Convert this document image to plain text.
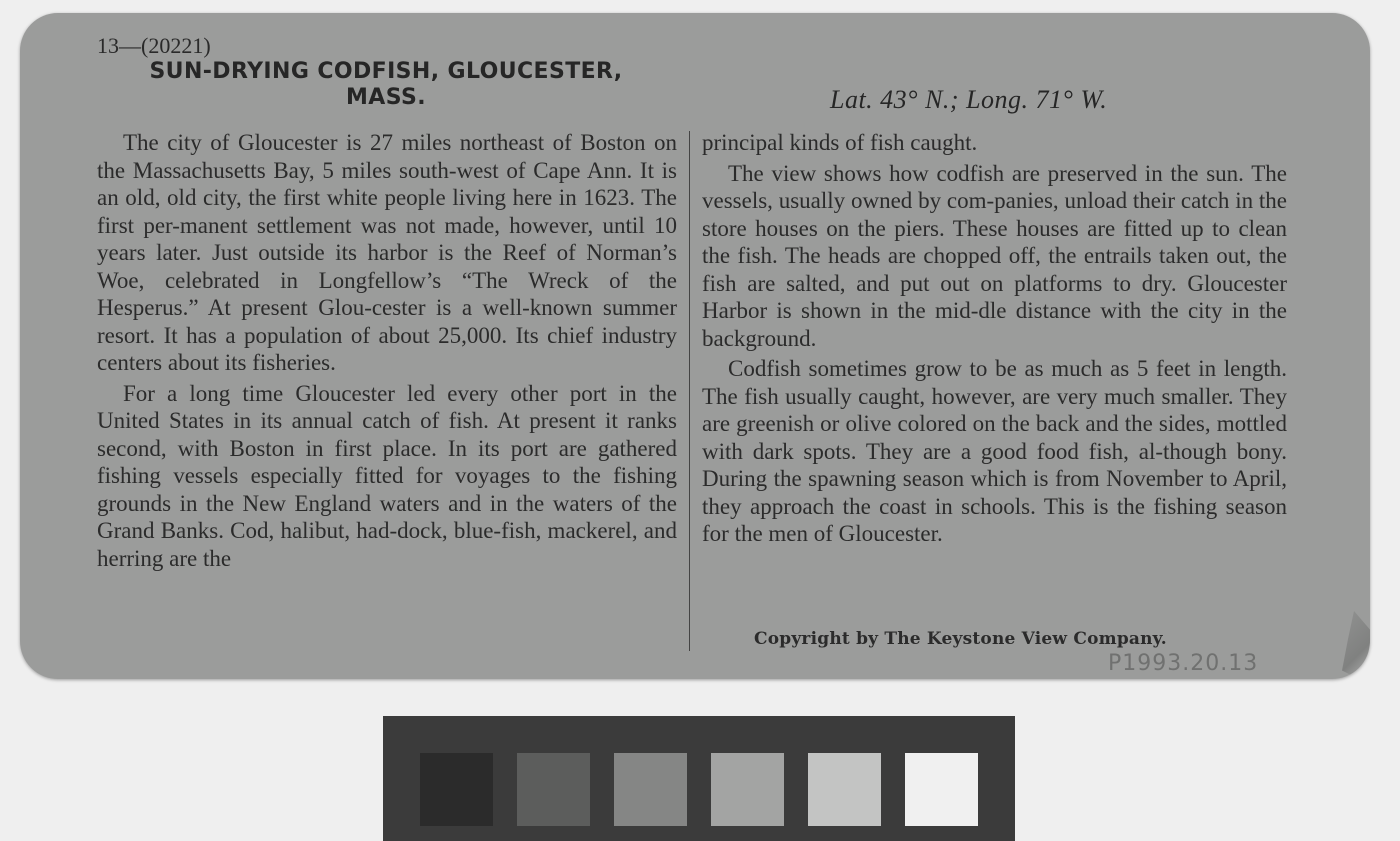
13—(20221)

SUN-DRYING CODFISH, GLOUCESTER,
MASS.	Lat. 43° N.; Long. 71° W.

The city of Gloucester is 27 miles northeast of Boston on the Massachusetts Bay, 5 miles south-west of Cape Ann. It is an old, old city, the first white people living here in 1623. The first per-manent settlement was not made, however, until 10 years later. Just outside its harbor is the Reef of Norman’s Woe, celebrated in Longfellow’s “The Wreck of the Hesperus.” At present Glou-cester is a well-known summer resort. It has a population of about 25,000. Its chief industry centers about its fisheries.

For a long time Gloucester led every other port in the United States in its annual catch of fish. At present it ranks second, with Boston in first place. In its port are gathered fishing vessels especially fitted for voyages to the fishing grounds in the New England waters and in the waters of the Grand Banks. Cod, halibut, had-dock, blue-fish, mackerel, and herring are the

principal kinds of fish caught.

The view shows how codfish are preserved in the sun. The vessels, usually owned by com-panies, unload their catch in the store houses on the piers. These houses are fitted up to clean the fish. The heads are chopped off, the entrails taken out, the fish are salted, and put out on platforms to dry. Gloucester Harbor is shown in the mid-dle distance with the city in the background.

Codfish sometimes grow to be as much as 5 feet in length. The fish usually caught, however, are very much smaller. They are greenish or olive colored on the back and the sides, mottled with dark spots. They are a good food fish, al-though bony. During the spawning season which is from November to April, they approach the coast in schools. This is the fishing season for the men of Gloucester.

Copyright by The Keystone View Company.

P1993.20.13
